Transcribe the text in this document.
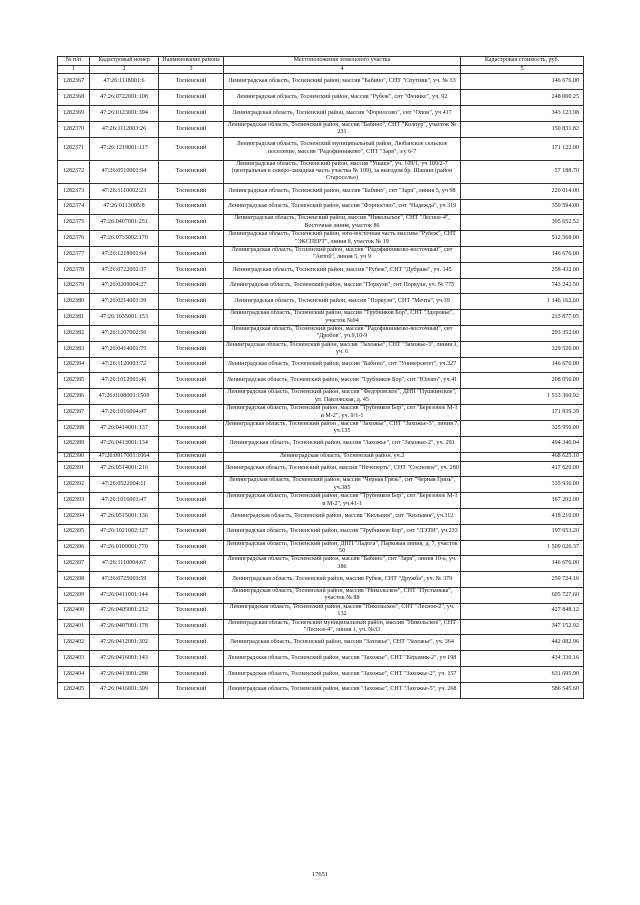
№ п/п	Кадастровый номер	Наименование района	Местоположение земельного участка	Кадастровая стоимость, руб.
1	2	3	4	5
1282367	47:26:1118001:6	Тосненский	Ленинградская область, Тосненский район, массив "Бабино", СНТ "Спутник", уч. № 33	146 676.00
1282368	47:26:0722001:108	Тосненский	Ленинградская область, Тосненский район, массив "Рубеж", снт "Феникс", уч. 92	248 000.25
1282369	47:26:0123001:394	Тосненский	Ленинградская область, Тосненский район, массив "Форносово", снт "Опон", уч 417	343 123.98
1282370	47:26:1112003:26	Тосненский	Ленинградская область, Тосненский район, массив "Бабино", СНТ "Колпур", участок № 231	150 831.82
1282371	47:26:1219001:117	Тосненский	Ленинградская область, Тосненский муниципальный район, Любанское сельское поселение, массив "Радофинниково", СНТ "Заря", з/у 6-7	171 122.00
1282372	47:26:0510001:94	Тосненский	Ленинградская область, Тосненский район, массив "Ушаки", уч. 109/1, уч 109/2-7 (центральная и северо-западная часть участка № 109), за выездом бр. Шашин (район Старосельо)	57 188.70
1282373	47:26:1110002:23	Тосненский	Ленинградская область, Тосненский район, массив "Бабино", снт "Заря", линия 5, уч 98	220 014.00
1282374	47:26:0113005:8	Тосненский	Ленинградская область, Тосненский район, массив "Форносово", снт "Надежда", уч 319	350 594.00
1282375	47:26:0407001:251	Тосненский	Ленинградская область, Тосненский район, массив "Никольское", СНТ "Лесное-4", Восточная линия, участок 86	395 652.52
1282376	47:26:0733002:170	Тосненский	Ленинградская область, Тосненский район, юго-восточная часть массива "Рубеж", СНТ "ЭКСПЕРТ", линия 8, участок № 19	512 568.00
1282377	47:26:1218001:64	Тосненский	Ленинградская область, Тосненский район, массив "Радофинниково-восточный", снт "Автоб", линия 5, уч 9	146 676.00
1282378	47:26:0722002:37	Тосненский	Ленинградская область, Тосненский район, массив "Рубеж", СНТ "Дубрава", уч. 145	258 432.00
1282379	47:26:0209004:27	Тосненский	Ленинградская область, Тосненский район, массив "Поркузи", снт Поркузи, уч. № 775	743 242.50
1282380	47:26:0214001:39	Тосненский	Ленинградская область, Тосненский район, массив "Поркузи", СНТ "Мечта", уч.39	1 146 162.60
1282381	47:26:1035001:153	Тосненский	Ленинградская область, Тосненский район, массив "Трубников Бор", СНТ "Здоровье", участок №94	233 877.05
1282382	47:26:1207002:56	Тосненский	Ленинградская область, Тосненский район, массив "Радофинниково-восточный", снт "Дробов", уч.9,10-9	293 352.00
1282383	47:26:0414001:75	Тосненский	Ленинградская область, Тосненский район, массив "Захожье", СНТ "Захожье-3", линия 1, уч. 6	329 520.00
1282384	47:26:1120003:72	Тосненский	Ленинградская область, Тосненский район, массив "Бабино", снт "Университет", уч.327	146 676.00
1282385	47:26:1012001:46	Тосненский	Ленинградская область, Тосненский район, массив "Трубников Бор", снт "Юлово", уч.41	208 056.00
1282386	47:26:0108001:1509	Тосненский	Ленинградская область, Тосненский район, массив "Федоровское", ДНП "Пушкинское", ул. Павловская, д. 45	1 533 360.92
1282387	47:26:1016004:47	Тосненский	Ленинградская область, Тосненский район, массив "Трубников Бор", снт "Березовое М-1 и М-2", уч. 9/1-1	171 939.39
1282388	47:26:0414001:137	Тосненский	Ленинградская область, Тосненский район , массив "Захожье", СНТ "Захожье-5", линия 7, уч.135	325 950.00
1282389	47:26:0413001:134	Тосненский	Ленинградская область, Тосненский район, массив "Захожье", снт "Захожье-2", уч. 291	494 346.04
1282390	47:26:0917001:1064	Тосненский	Ленинградская область, Тосненский район, уч.2	468 625.10
1282391	47:26:0514001:216	Тосненский	Ленинградская область, Тосненский район, массив "Нечеперть", СНТ "Сосновое", уч. 280	417 620.00
1282392	47:26:0522004:11	Тосненский	Ленинградская область, Тосненский район, массив "Черная Грязь", снт "Черная Грязь", уч.385	335 936.00
1282393	47:26:1016001:47	Тосненский	Ленинградская область, Тосненский район, массив "Трубников Бор", снт "Березовое М-1 и М-2", уч.41-1	167 202.00
1282394	47:26:0515001:136	Тосненский	Ленинградская область, Тосненский район, массив "Кюльвия", снт "Кюльвия", уч.112	418 210.00
1282395	47:26:1021002:127	Тосненский	Ленинградская область, Тосненский район, массив "Трубников Бор", снт "ЛЭТИ", уч.233	197 653.20
1282396	47:26:0109001:770	Тосненский	Ленинградская область, Тосненский район, ДНП "Ладога", Парковая линия, д. 7, участок 50	1 509 626.37
1282397	47:26:1110004:67	Тосненский	Ленинградская область, Тосненский район, массив "Бабино", снт "Заря", линия 10-а, уч. 386	146 676.00
1282398	47:26:0725003:59	Тосненский	Ленинградская область, Тосненский район, массив Рубеж, СНТ "Дружба", уч. № 379	259 724.16
1282399	47:26:0411001:144	Тосненский	Ленинградская область, Тосненский район, массив "Никольское", СНТ "Пустынька", участок № 88	605 727.60
1282400	47:26:0405001:212	Тосненский	Ленинградская область, Тосненский район, массив "Никольское", СНТ "Лесное-2", уч. 132	427 848.12
1282401	47:26:0407001:178	Тосненский	Ленинградская область, Тосненский муниципальный район, массив "Никольское", СНТ "Лесное-4", линия 1, уч. №33	347 152.92
1282402	47:26:0412001:302	Тосненский	Ленинградская область, Тосненский район, массив "Захожье", СНТ "Захожье", уч. 364	442 082.96
1282403	47:26:0416001:143	Тосненский	Ленинградская область, Тосненский район, массив "Захожье", СНТ "Керамик-2", уч 198	434 330.16
1282404	47:26:0413001:288	Тосненский	Ленинградская область, Тосненский район, массив "Захожье", СНТ "Захожье-2", уч. 157	631 695.90
1282405	47:26:0416001:309	Тосненский	Ленинградская область, Тосненский район, массив "Захожье", СНТ "Захожье-5", уч. 268	586 545.60
17651
